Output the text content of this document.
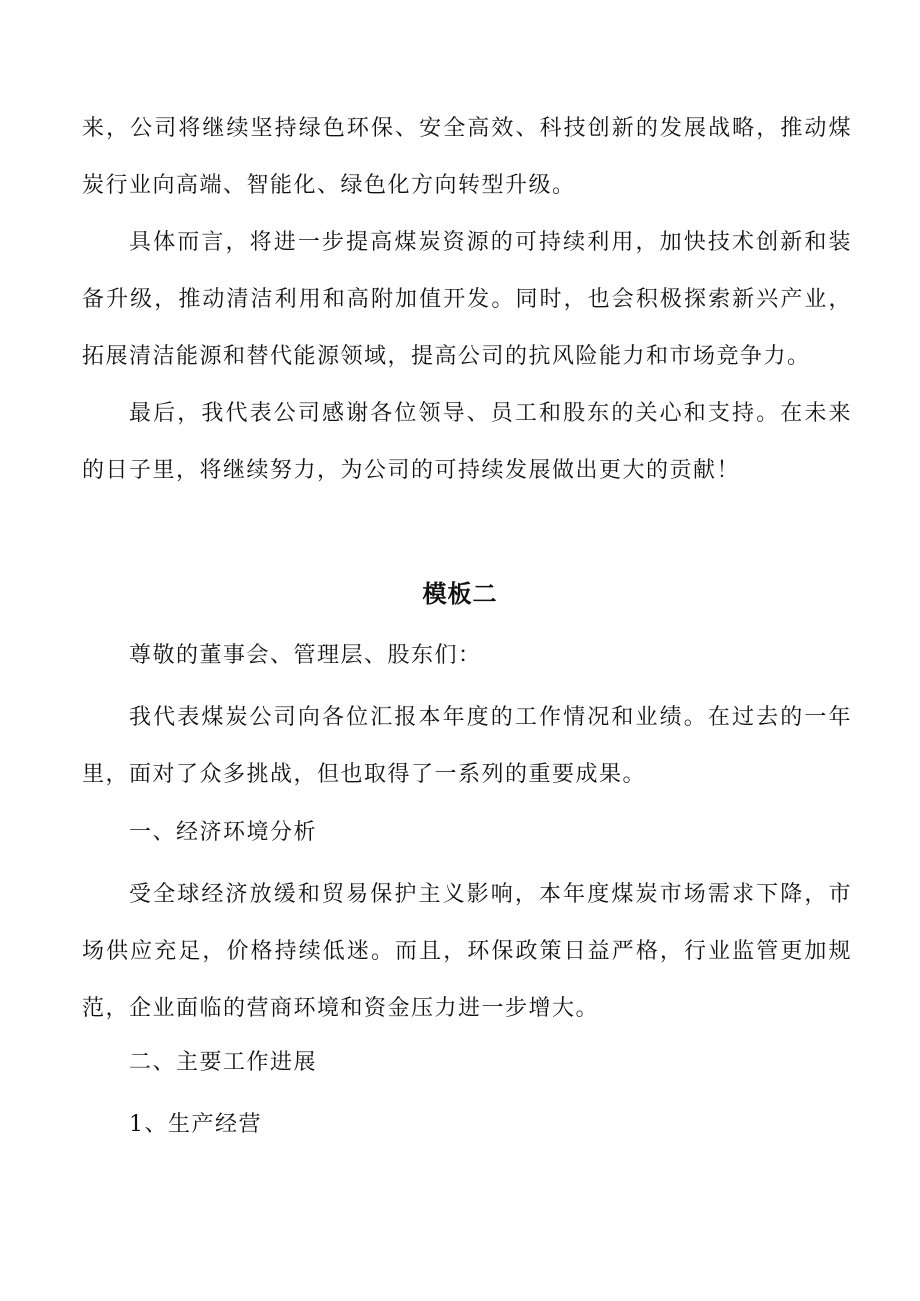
来，公司将继续坚持绿色环保、安全高效、科技创新的发展战略，推动煤炭行业向高端、智能化、绿色化方向转型升级。

具体而言，将进一步提高煤炭资源的可持续利用，加快技术创新和装备升级，推动清洁利用和高附加值开发。同时，也会积极探索新兴产业，拓展清洁能源和替代能源领域，提高公司的抗风险能力和市场竞争力。

最后，我代表公司感谢各位领导、员工和股东的关心和支持。在未来的日子里，将继续努力，为公司的可持续发展做出更大的贡献！

模板二

尊敬的董事会、管理层、股东们：

我代表煤炭公司向各位汇报本年度的工作情况和业绩。在过去的一年里，面对了众多挑战，但也取得了一系列的重要成果。

一、经济环境分析

受全球经济放缓和贸易保护主义影响，本年度煤炭市场需求下降，市场供应充足，价格持续低迷。而且，环保政策日益严格，行业监管更加规范，企业面临的营商环境和资金压力进一步增大。

二、主要工作进展

1、生产经营
